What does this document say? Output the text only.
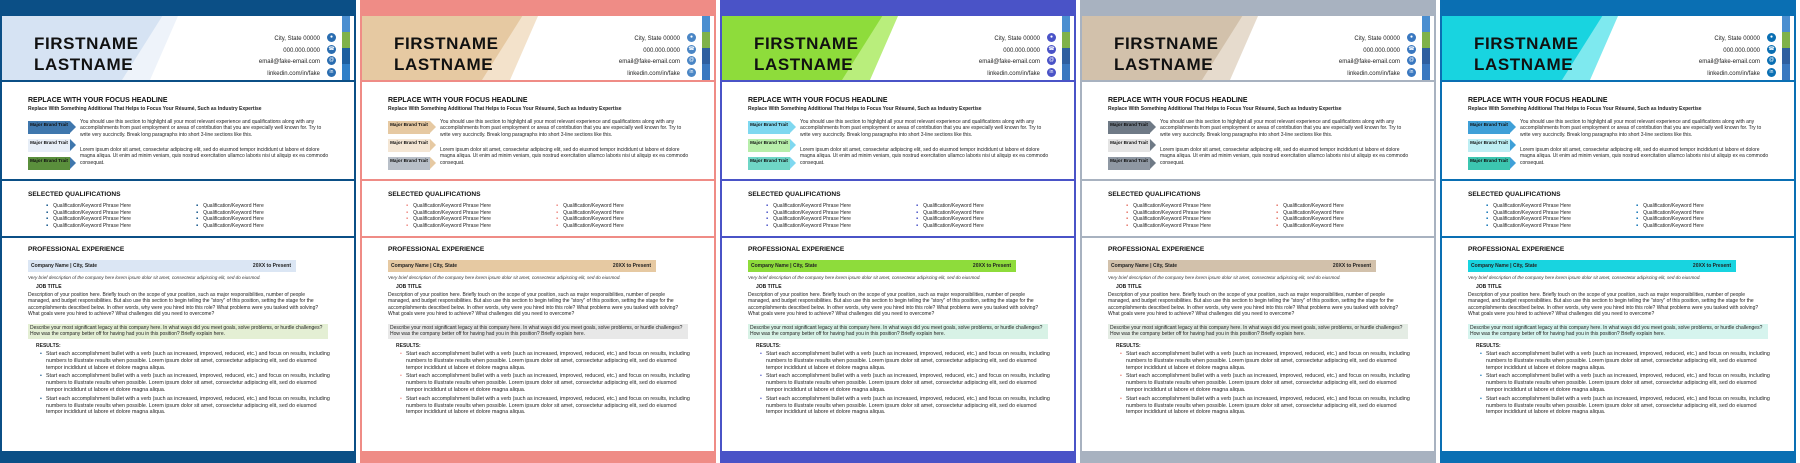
FIRSTNAME
LASTNAME
City, State 00000
000.000.0000
email@fake-email.com
linkedin.com/in/fake
●
☎
@
in
REPLACE WITH YOUR FOCUS HEADLINE
Replace With Something Additional That Helps to Focus Your Résumé, Such as Industry Expertise
Major Brand Trait
Major Brand Trait
Major Brand Trait
You should use this section to highlight all your most relevant experience and qualifications along with any accomplishments from past employment or areas of contribution that you are especially well known for. Try to write very succinctly. Break long paragraphs into short 3-line sections like this.
Lorem ipsum dolor sit amet, consectetur adipiscing elit, sed do eiusmod tempor incididunt ut labore et dolore magna aliqua. Ut enim ad minim veniam, quis nostrud exercitation ullamco laboris nisi ut aliquip ex ea commodo consequat.
SELECTED QUALIFICATIONS
▪ Qualification/Keyword Phrase Here
▪ Qualification/Keyword Phrase Here
▪ Qualification/Keyword Phrase Here
▪ Qualification/Keyword Phrase Here
▪ Qualification/Keyword Here
▪ Qualification/Keyword Here
▪ Qualification/Keyword Here
▪ Qualification/Keyword Here
PROFESSIONAL EXPERIENCE
Company Name | City, State	20XX to Present
Very brief description of the company here lorem ipsum dolor sit amet, consectetur adipiscing elit, sed do eiusmod.
JOB TITLE
Description of your position here. Briefly touch on the scope of your position, such as major responsibilities, number of people managed, and budget responsibilities. But also use this section to begin telling the "story" of this position, setting the stage for the accomplishments described below. In other words, why were you hired into this role? What problems were you tasked with solving? What goals were you hired to achieve? What challenges did you need to overcome?
Describe your most significant legacy at this company here. In what ways did you meet goals, solve problems, or hurdle challenges? How was the company better off for having had you in this position? Briefly explain here.
RESULTS:
• Start each accomplishment bullet with a verb (such as increased, improved, reduced, etc.) and focus on results, including numbers to illustrate results when possible. Lorem ipsum dolor sit amet, consectetur adipiscing elit, sed do eiusmod tempor incididunt ut labore et dolore magna aliqua.
• Start each accomplishment bullet with a verb (such as increased, improved, reduced, etc.) and focus on results, including numbers to illustrate results when possible. Lorem ipsum dolor sit amet, consectetur adipiscing elit, sed do eiusmod tempor incididunt ut labore et dolore magna aliqua.
• Start each accomplishment bullet with a verb (such as increased, improved, reduced, etc.) and focus on results, including numbers to illustrate results when possible. Lorem ipsum dolor sit amet, consectetur adipiscing elit, sed do eiusmod tempor incididunt ut labore et dolore magna aliqua.
FIRSTNAME
LASTNAME
City, State 00000
000.000.0000
email@fake-email.com
linkedin.com/in/fake
●
☎
@
in
REPLACE WITH YOUR FOCUS HEADLINE
Replace With Something Additional That Helps to Focus Your Résumé, Such as Industry Expertise
Major Brand Trait
Major Brand Trait
Major Brand Trait
You should use this section to highlight all your most relevant experience and qualifications along with any accomplishments from past employment or areas of contribution that you are especially well known for. Try to write very succinctly. Break long paragraphs into short 3-line sections like this.
Lorem ipsum dolor sit amet, consectetur adipiscing elit, sed do eiusmod tempor incididunt ut labore et dolore magna aliqua. Ut enim ad minim veniam, quis nostrud exercitation ullamco laboris nisi ut aliquip ex ea commodo consequat.
SELECTED QUALIFICATIONS
▪ Qualification/Keyword Phrase Here
▪ Qualification/Keyword Phrase Here
▪ Qualification/Keyword Phrase Here
▪ Qualification/Keyword Phrase Here
▪ Qualification/Keyword Here
▪ Qualification/Keyword Here
▪ Qualification/Keyword Here
▪ Qualification/Keyword Here
PROFESSIONAL EXPERIENCE
Company Name | City, State	20XX to Present
Very brief description of the company here lorem ipsum dolor sit amet, consectetur adipiscing elit, sed do eiusmod.
JOB TITLE
Description of your position here. Briefly touch on the scope of your position, such as major responsibilities, number of people managed, and budget responsibilities. But also use this section to begin telling the "story" of this position, setting the stage for the accomplishments described below. In other words, why were you hired into this role? What problems were you tasked with solving? What goals were you hired to achieve? What challenges did you need to overcome?
Describe your most significant legacy at this company here. In what ways did you meet goals, solve problems, or hurdle challenges? How was the company better off for having had you in this position? Briefly explain here.
RESULTS:
• Start each accomplishment bullet with a verb (such as increased, improved, reduced, etc.) and focus on results, including numbers to illustrate results when possible. Lorem ipsum dolor sit amet, consectetur adipiscing elit, sed do eiusmod tempor incididunt ut labore et dolore magna aliqua.
• Start each accomplishment bullet with a verb (such as increased, improved, reduced, etc.) and focus on results, including numbers to illustrate results when possible. Lorem ipsum dolor sit amet, consectetur adipiscing elit, sed do eiusmod tempor incididunt ut labore et dolore magna aliqua.
• Start each accomplishment bullet with a verb (such as increased, improved, reduced, etc.) and focus on results, including numbers to illustrate results when possible. Lorem ipsum dolor sit amet, consectetur adipiscing elit, sed do eiusmod tempor incididunt ut labore et dolore magna aliqua.
FIRSTNAME
LASTNAME
City, State 00000
000.000.0000
email@fake-email.com
linkedin.com/in/fake
●
☎
@
in
REPLACE WITH YOUR FOCUS HEADLINE
Replace With Something Additional That Helps to Focus Your Résumé, Such as Industry Expertise
Major Brand Trait
Major Brand Trait
Major Brand Trait
You should use this section to highlight all your most relevant experience and qualifications along with any accomplishments from past employment or areas of contribution that you are especially well known for. Try to write very succinctly. Break long paragraphs into short 3-line sections like this.
Lorem ipsum dolor sit amet, consectetur adipiscing elit, sed do eiusmod tempor incididunt ut labore et dolore magna aliqua. Ut enim ad minim veniam, quis nostrud exercitation ullamco laboris nisi ut aliquip ex ea commodo consequat.
SELECTED QUALIFICATIONS
▪ Qualification/Keyword Phrase Here
▪ Qualification/Keyword Phrase Here
▪ Qualification/Keyword Phrase Here
▪ Qualification/Keyword Phrase Here
▪ Qualification/Keyword Here
▪ Qualification/Keyword Here
▪ Qualification/Keyword Here
▪ Qualification/Keyword Here
PROFESSIONAL EXPERIENCE
Company Name | City, State	20XX to Present
Very brief description of the company here lorem ipsum dolor sit amet, consectetur adipiscing elit, sed do eiusmod.
JOB TITLE
Description of your position here. Briefly touch on the scope of your position, such as major responsibilities, number of people managed, and budget responsibilities. But also use this section to begin telling the "story" of this position, setting the stage for the accomplishments described below. In other words, why were you hired into this role? What problems were you tasked with solving? What goals were you hired to achieve? What challenges did you need to overcome?
Describe your most significant legacy at this company here. In what ways did you meet goals, solve problems, or hurdle challenges? How was the company better off for having had you in this position? Briefly explain here.
RESULTS:
• Start each accomplishment bullet with a verb (such as increased, improved, reduced, etc.) and focus on results, including numbers to illustrate results when possible. Lorem ipsum dolor sit amet, consectetur adipiscing elit, sed do eiusmod tempor incididunt ut labore et dolore magna aliqua.
• Start each accomplishment bullet with a verb (such as increased, improved, reduced, etc.) and focus on results, including numbers to illustrate results when possible. Lorem ipsum dolor sit amet, consectetur adipiscing elit, sed do eiusmod tempor incididunt ut labore et dolore magna aliqua.
• Start each accomplishment bullet with a verb (such as increased, improved, reduced, etc.) and focus on results, including numbers to illustrate results when possible. Lorem ipsum dolor sit amet, consectetur adipiscing elit, sed do eiusmod tempor incididunt ut labore et dolore magna aliqua.
FIRSTNAME
LASTNAME
City, State 00000
000.000.0000
email@fake-email.com
linkedin.com/in/fake
●
☎
@
in
REPLACE WITH YOUR FOCUS HEADLINE
Replace With Something Additional That Helps to Focus Your Résumé, Such as Industry Expertise
Major Brand Trait
Major Brand Trait
Major Brand Trait
You should use this section to highlight all your most relevant experience and qualifications along with any accomplishments from past employment or areas of contribution that you are especially well known for. Try to write very succinctly. Break long paragraphs into short 3-line sections like this.
Lorem ipsum dolor sit amet, consectetur adipiscing elit, sed do eiusmod tempor incididunt ut labore et dolore magna aliqua. Ut enim ad minim veniam, quis nostrud exercitation ullamco laboris nisi ut aliquip ex ea commodo consequat.
SELECTED QUALIFICATIONS
▪ Qualification/Keyword Phrase Here
▪ Qualification/Keyword Phrase Here
▪ Qualification/Keyword Phrase Here
▪ Qualification/Keyword Phrase Here
▪ Qualification/Keyword Here
▪ Qualification/Keyword Here
▪ Qualification/Keyword Here
▪ Qualification/Keyword Here
PROFESSIONAL EXPERIENCE
Company Name | City, State	20XX to Present
Very brief description of the company here lorem ipsum dolor sit amet, consectetur adipiscing elit, sed do eiusmod.
JOB TITLE
Description of your position here. Briefly touch on the scope of your position, such as major responsibilities, number of people managed, and budget responsibilities. But also use this section to begin telling the "story" of this position, setting the stage for the accomplishments described below. In other words, why were you hired into this role? What problems were you tasked with solving? What goals were you hired to achieve? What challenges did you need to overcome?
Describe your most significant legacy at this company here. In what ways did you meet goals, solve problems, or hurdle challenges? How was the company better off for having had you in this position? Briefly explain here.
RESULTS:
• Start each accomplishment bullet with a verb (such as increased, improved, reduced, etc.) and focus on results, including numbers to illustrate results when possible. Lorem ipsum dolor sit amet, consectetur adipiscing elit, sed do eiusmod tempor incididunt ut labore et dolore magna aliqua.
• Start each accomplishment bullet with a verb (such as increased, improved, reduced, etc.) and focus on results, including numbers to illustrate results when possible. Lorem ipsum dolor sit amet, consectetur adipiscing elit, sed do eiusmod tempor incididunt ut labore et dolore magna aliqua.
• Start each accomplishment bullet with a verb (such as increased, improved, reduced, etc.) and focus on results, including numbers to illustrate results when possible. Lorem ipsum dolor sit amet, consectetur adipiscing elit, sed do eiusmod tempor incididunt ut labore et dolore magna aliqua.
FIRSTNAME
LASTNAME
City, State 00000
000.000.0000
email@fake-email.com
linkedin.com/in/fake
●
☎
@
in
REPLACE WITH YOUR FOCUS HEADLINE
Replace With Something Additional That Helps to Focus Your Résumé, Such as Industry Expertise
Major Brand Trait
Major Brand Trait
Major Brand Trait
You should use this section to highlight all your most relevant experience and qualifications along with any accomplishments from past employment or areas of contribution that you are especially well known for. Try to write very succinctly. Break long paragraphs into short 3-line sections like this.
Lorem ipsum dolor sit amet, consectetur adipiscing elit, sed do eiusmod tempor incididunt ut labore et dolore magna aliqua. Ut enim ad minim veniam, quis nostrud exercitation ullamco laboris nisi ut aliquip ex ea commodo consequat.
SELECTED QUALIFICATIONS
▪ Qualification/Keyword Phrase Here
▪ Qualification/Keyword Phrase Here
▪ Qualification/Keyword Phrase Here
▪ Qualification/Keyword Phrase Here
▪ Qualification/Keyword Here
▪ Qualification/Keyword Here
▪ Qualification/Keyword Here
▪ Qualification/Keyword Here
PROFESSIONAL EXPERIENCE
Company Name | City, State	20XX to Present
Very brief description of the company here lorem ipsum dolor sit amet, consectetur adipiscing elit, sed do eiusmod.
JOB TITLE
Description of your position here. Briefly touch on the scope of your position, such as major responsibilities, number of people managed, and budget responsibilities. But also use this section to begin telling the "story" of this position, setting the stage for the accomplishments described below. In other words, why were you hired into this role? What problems were you tasked with solving? What goals were you hired to achieve? What challenges did you need to overcome?
Describe your most significant legacy at this company here. In what ways did you meet goals, solve problems, or hurdle challenges? How was the company better off for having had you in this position? Briefly explain here.
RESULTS:
• Start each accomplishment bullet with a verb (such as increased, improved, reduced, etc.) and focus on results, including numbers to illustrate results when possible. Lorem ipsum dolor sit amet, consectetur adipiscing elit, sed do eiusmod tempor incididunt ut labore et dolore magna aliqua.
• Start each accomplishment bullet with a verb (such as increased, improved, reduced, etc.) and focus on results, including numbers to illustrate results when possible. Lorem ipsum dolor sit amet, consectetur adipiscing elit, sed do eiusmod tempor incididunt ut labore et dolore magna aliqua.
• Start each accomplishment bullet with a verb (such as increased, improved, reduced, etc.) and focus on results, including numbers to illustrate results when possible. Lorem ipsum dolor sit amet, consectetur adipiscing elit, sed do eiusmod tempor incididunt ut labore et dolore magna aliqua.
